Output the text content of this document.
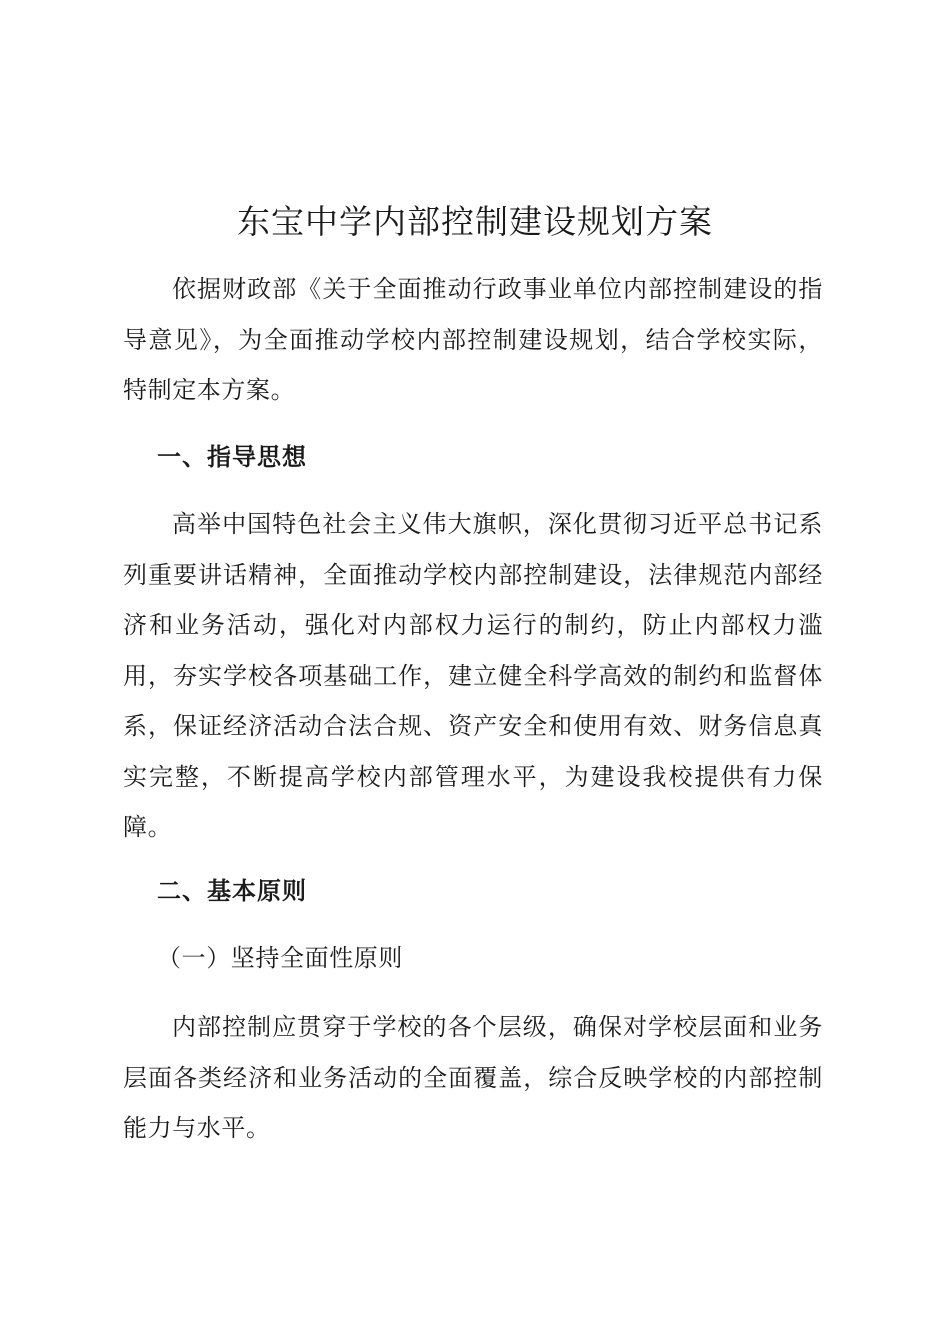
东宝中学内部控制建设规划方案

依据财政部《关于全面推动行政事业单位内部控制建设的指导意见》，为全面推动学校内部控制建设规划，结合学校实际，特制定本方案。

一、指导思想

高举中国特色社会主义伟大旗帜，深化贯彻习近平总书记系列重要讲话精神，全面推动学校内部控制建设，法律规范内部经济和业务活动，强化对内部权力运行的制约，防止内部权力滥用，夯实学校各项基础工作，建立健全科学高效的制约和监督体系，保证经济活动合法合规、资产安全和使用有效、财务信息真实完整，不断提高学校内部管理水平，为建设我校提供有力保障。

二、基本原则
（一）坚持全面性原则

内部控制应贯穿于学校的各个层级，确保对学校层面和业务层面各类经济和业务活动的全面覆盖，综合反映学校的内部控制能力与水平。
